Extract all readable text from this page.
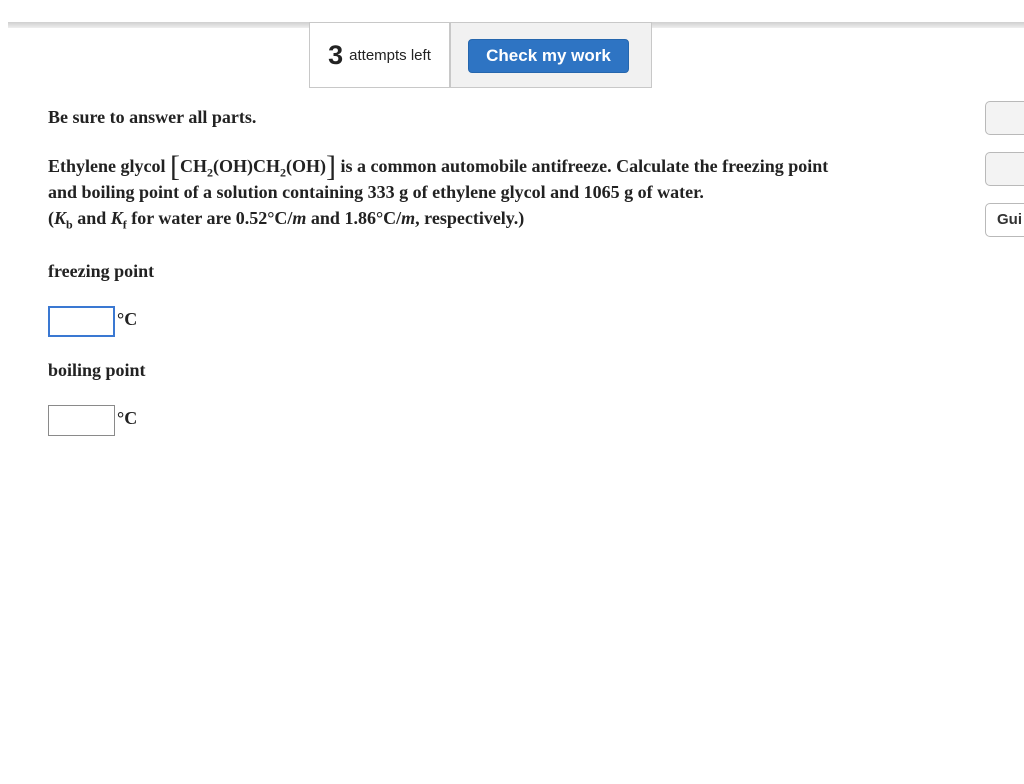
3 attempts left	Check my work
Gui
Be sure to answer all parts.
Ethylene glycol $[CH_2(OH)CH_2(OH)]$ is a common automobile antifreeze. Calculate the freezing point
and boiling point of a solution containing 333 g of ethylene glycol and 1065 g of water.
($K_b$ and $K_f$ for water are 0.52°C/m and 1.86°C/m, respectively.)
freezing point
°C
boiling point
°C
